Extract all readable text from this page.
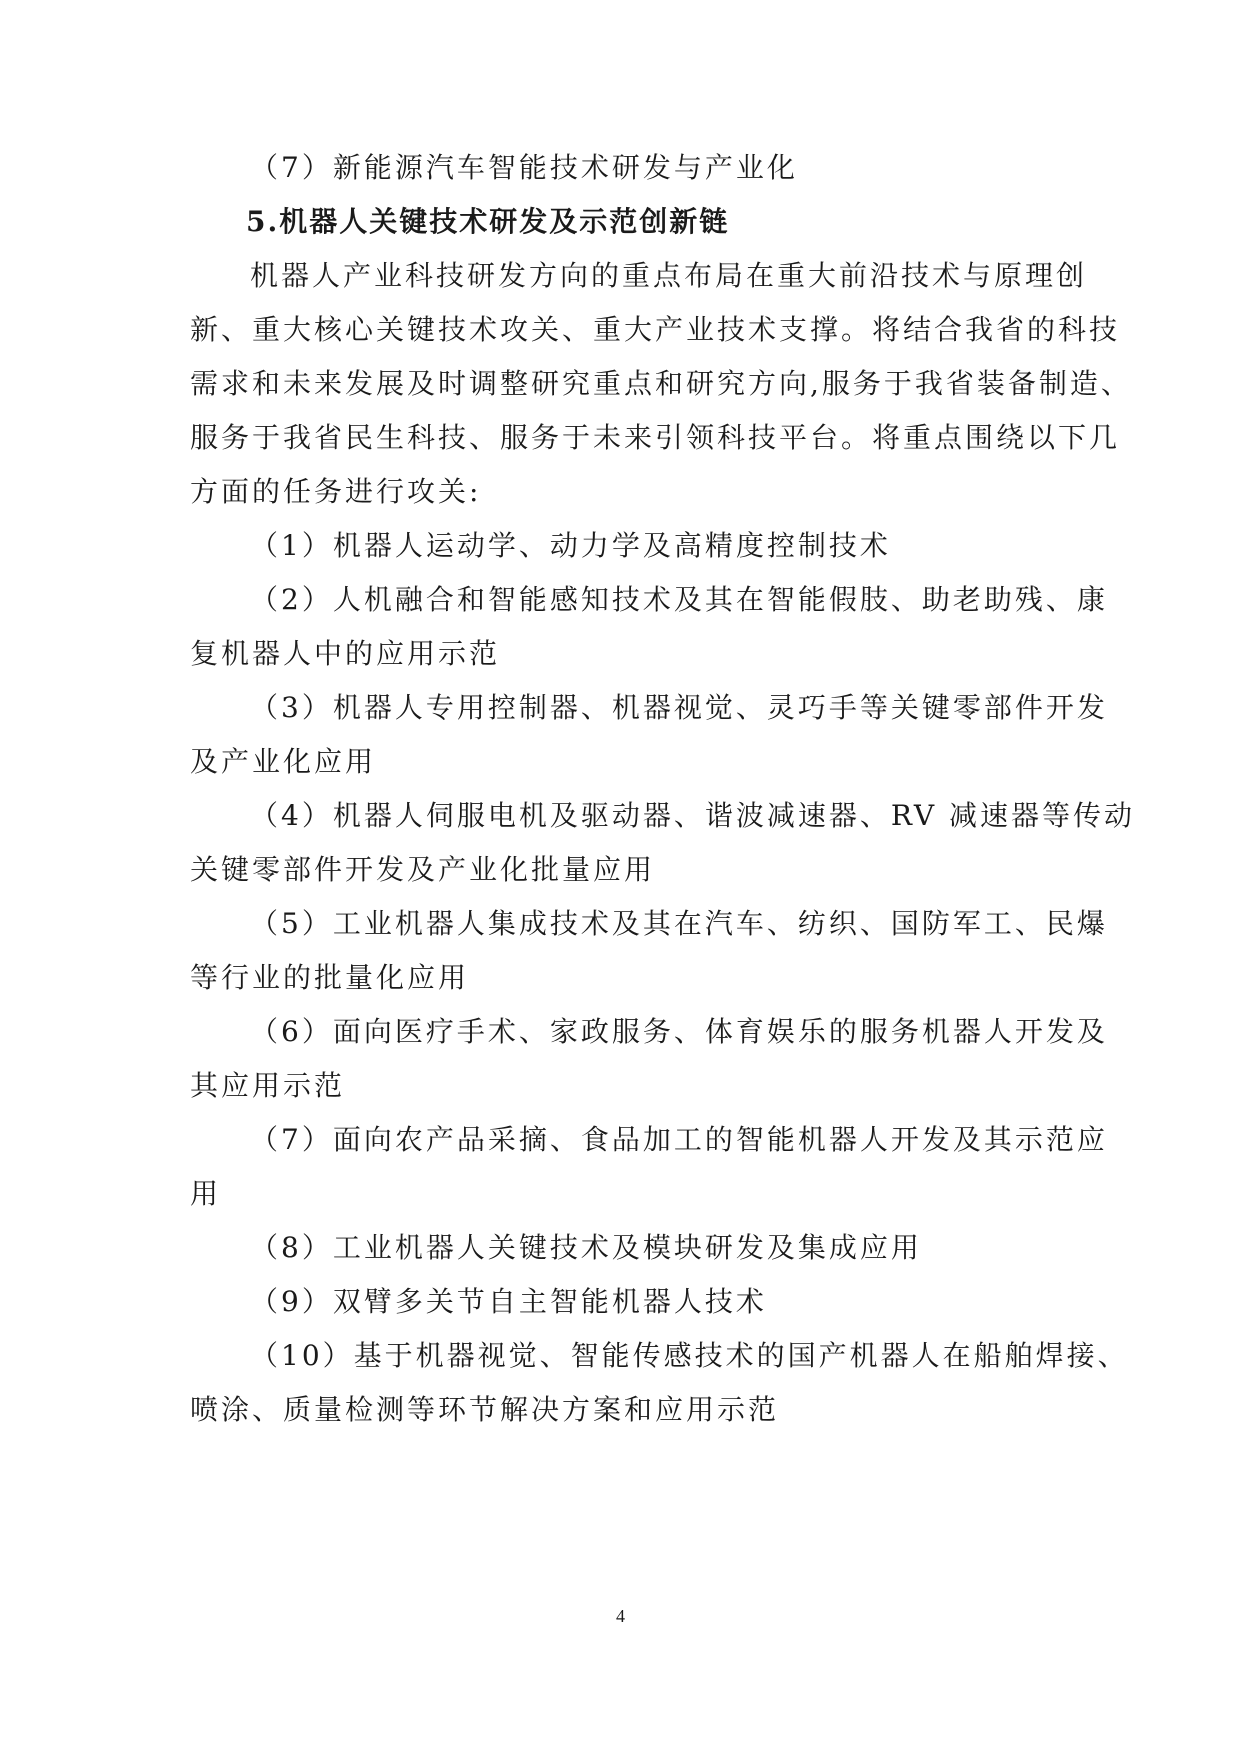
（7）新能源汽车智能技术研发与产业化
5.机器人关键技术研发及示范创新链
机器人产业科技研发方向的重点布局在重大前沿技术与原理创
新、重大核心关键技术攻关、重大产业技术支撑。将结合我省的科技
需求和未来发展及时调整研究重点和研究方向,服务于我省装备制造、
服务于我省民生科技、服务于未来引领科技平台。将重点围绕以下几
方面的任务进行攻关:
（1）机器人运动学、动力学及高精度控制技术
（2）人机融合和智能感知技术及其在智能假肢、助老助残、康
复机器人中的应用示范
（3）机器人专用控制器、机器视觉、灵巧手等关键零部件开发
及产业化应用
（4）机器人伺服电机及驱动器、谐波减速器、RV 减速器等传动
关键零部件开发及产业化批量应用
（5）工业机器人集成技术及其在汽车、纺织、国防军工、民爆
等行业的批量化应用
（6）面向医疗手术、家政服务、体育娱乐的服务机器人开发及
其应用示范
（7）面向农产品采摘、食品加工的智能机器人开发及其示范应
用
（8）工业机器人关键技术及模块研发及集成应用
（9）双臂多关节自主智能机器人技术
（10）基于机器视觉、智能传感技术的国产机器人在船舶焊接、
喷涂、质量检测等环节解决方案和应用示范
4
